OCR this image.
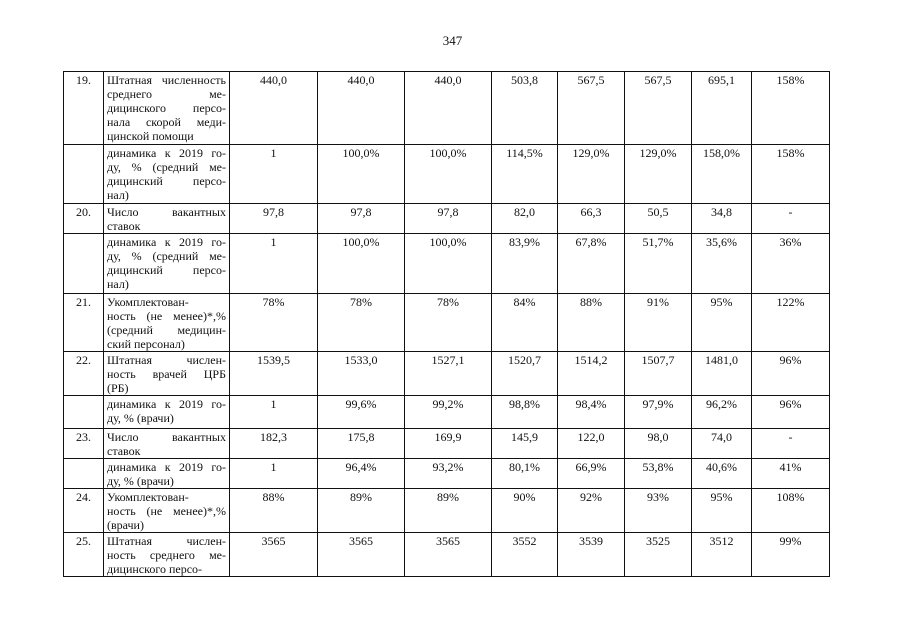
347
19.	Штатная численность
среднего ме-
дицинского персо-
нала скорой меди-
цинской помощи	440,0	440,0	440,0	503,8	567,5	567,5	695,1	158%

	динамика к 2019 го-
ду, % (средний ме-
дицинский персо-
нал)	1	100,0%	100,0%	114,5%	129,0%	129,0%	158,0%	158%
20.	Число вакантных
ставок	97,8	97,8	97,8	82,0	66,3	50,5	34,8	-

	динамика к 2019 го-
ду, % (средний ме-
дицинский персо-
нал)	1	100,0%	100,0%	83,9%	67,8%	51,7%	35,6%	36%
21.	Укомплектован-
ность (не менее)*,%
(средний медицин-
ский персонал)	78%	78%	78%	84%	88%	91%	95%	122%
22.	Штатная числен-
ность врачей ЦРБ
(РБ)	1539,5	1533,0	1527,1	1520,7	1514,2	1507,7	1481,0	96%

	динамика к 2019 го-
ду, % (врачи)	1	99,6%	99,2%	98,8%	98,4%	97,9%	96,2%	96%
23.	Число вакантных
ставок	182,3	175,8	169,9	145,9	122,0	98,0	74,0	-

	динамика к 2019 го-
ду, % (врачи)	1	96,4%	93,2%	80,1%	66,9%	53,8%	40,6%	41%
24.	Укомплектован-
ность (не менее)*,%
(врачи)	88%	89%	89%	90%	92%	93%	95%	108%
25.	Штатная числен-
ность среднего ме-
дицинского персо-	3565	3565	3565	3552	3539	3525	3512	99%
